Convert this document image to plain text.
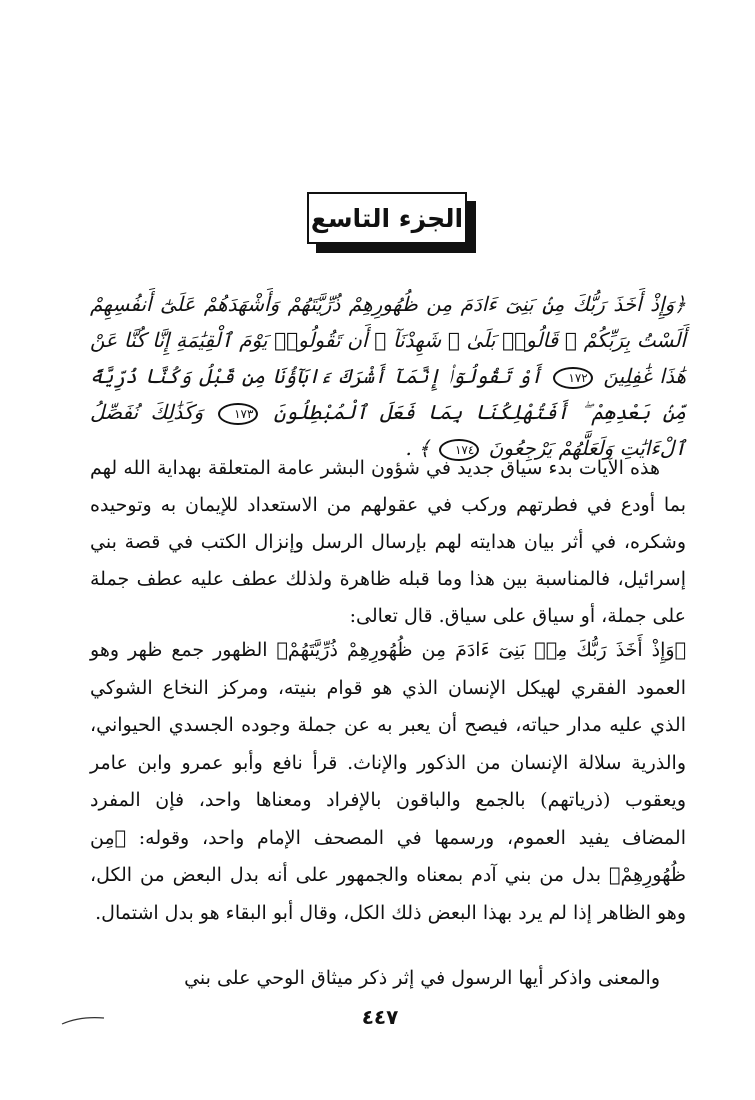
الجزء التاسع
﴿وَإِذْ أَخَذَ رَبُّكَ مِنۢ بَنِىٓ ءَادَمَ مِن ظُهُورِهِمْ ذُرِّيَّتَهُمْ وَأَشْهَدَهُمْ عَلَىٰٓ أَنفُسِهِمْ أَلَسْتُ بِرَبِّكُمْ ۖ قَالُوا۟ بَلَىٰ ۛ شَهِدْنَآ ۛ أَن تَقُولُوا۟ يَوْمَ ٱلْقِيَٰمَةِ إِنَّا كُنَّا عَنْ هَٰذَا غَٰفِلِينَ ١٧٢ أَوْ تَقُولُوٓا۟ إِنَّمَآ أَشْرَكَ ءَابَآؤُنَا مِن قَبْلُ وَكُنَّا ذُرِّيَّةً مِّنۢ بَعْدِهِمْ ۖ أَفَتُهْلِكُنَا بِمَا فَعَلَ ٱلْمُبْطِلُونَ ١٧٣ وَكَذَٰلِكَ نُفَصِّلُ ٱلْءَايَٰتِ وَلَعَلَّهُمْ يَرْجِعُونَ ١٧٤ ﴾ .
هذه الآيات بدء سياق جديد في شؤون البشر عامة المتعلقة بهداية الله لهم بما أودع في فطرتهم وركب في عقولهم من الاستعداد للإيمان به وتوحيده وشكره، في أثر بيان هدايته لهم بإرسال الرسل وإنزال الكتب في قصة بني إسرائيل، فالمناسبة بين هذا وما قبله ظاهرة ولذلك عطف عليه عطف جملة على جملة، أو سياق على سياق. قال تعالى:
﴿وَإِذْ أَخَذَ رَبُّكَ مِنۢ بَنِىٓ ءَادَمَ مِن ظُهُورِهِمْ ذُرِّيَّتَهُمْ﴾ الظهور جمع ظهر وهو العمود الفقري لهيكل الإنسان الذي هو قوام بنيته، ومركز النخاع الشوكي الذي عليه مدار حياته، فيصح أن يعبر به عن جملة وجوده الجسدي الحيواني، والذرية سلالة الإنسان من الذكور والإناث. قرأ نافع وأبو عمرو وابن عامر ويعقوب (ذرياتهم) بالجمع والباقون بالإفراد ومعناها واحد، فإن المفرد المضاف يفيد العموم، ورسمها في المصحف الإمام واحد، وقوله: ﴿مِن ظُهُورِهِمْ﴾ بدل من بني آدم بمعناه والجمهور على أنه بدل البعض من الكل، وهو الظاهر إذا لم يرد بهذا البعض ذلك الكل، وقال أبو البقاء هو بدل اشتمال.
والمعنى واذكر أيها الرسول في إثر ذكر ميثاق الوحي على بني
٤٤٧
